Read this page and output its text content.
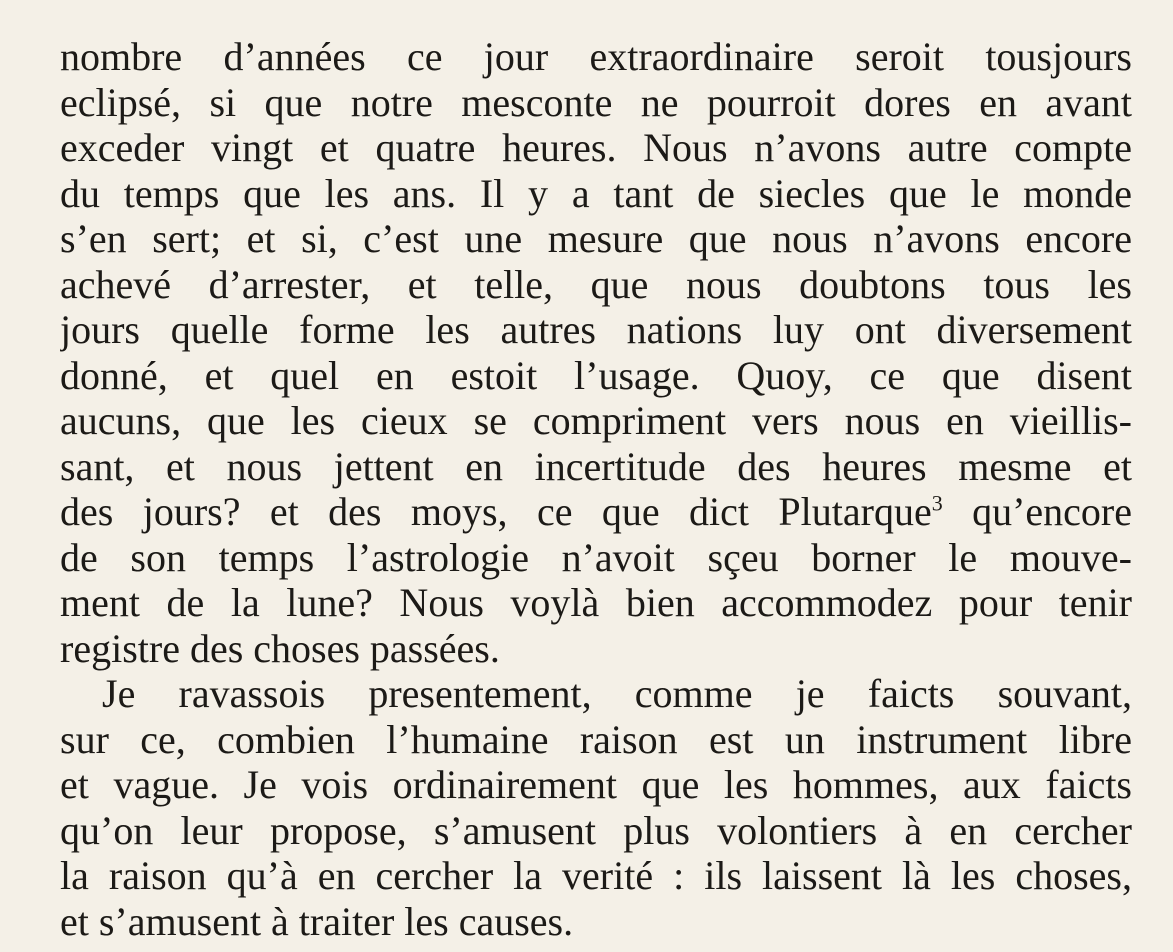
nombre d’années ce jour extraordinaire seroit tousjours
eclipsé, si que notre mesconte ne pourroit dores en avant
exceder vingt et quatre heures. Nous n’avons autre compte
du temps que les ans. Il y a tant de siecles que le monde
s’en sert; et si, c’est une mesure que nous n’avons encore
achevé d’arrester, et telle, que nous doubtons tous les
jours quelle forme les autres nations luy ont diversement
donné, et quel en estoit l’usage. Quoy, ce que disent
aucuns, que les cieux se compriment vers nous en vieillis-
sant, et nous jettent en incertitude des heures mesme et
des jours? et des moys, ce que dict Plutarque$^3$ qu’encore
de son temps l’astrologie n’avoit sçeu borner le mouve-
ment de la lune? Nous voylà bien accommodez pour tenir
registre des choses passées.
Je ravassois presentement, comme je faicts souvant,
sur ce, combien l’humaine raison est un instrument libre
et vague. Je vois ordinairement que les hommes, aux faicts
qu’on leur propose, s’amusent plus volontiers à en cercher
la raison qu’à en cercher la verité : ils laissent là les choses,
et s’amusent à traiter les causes.
